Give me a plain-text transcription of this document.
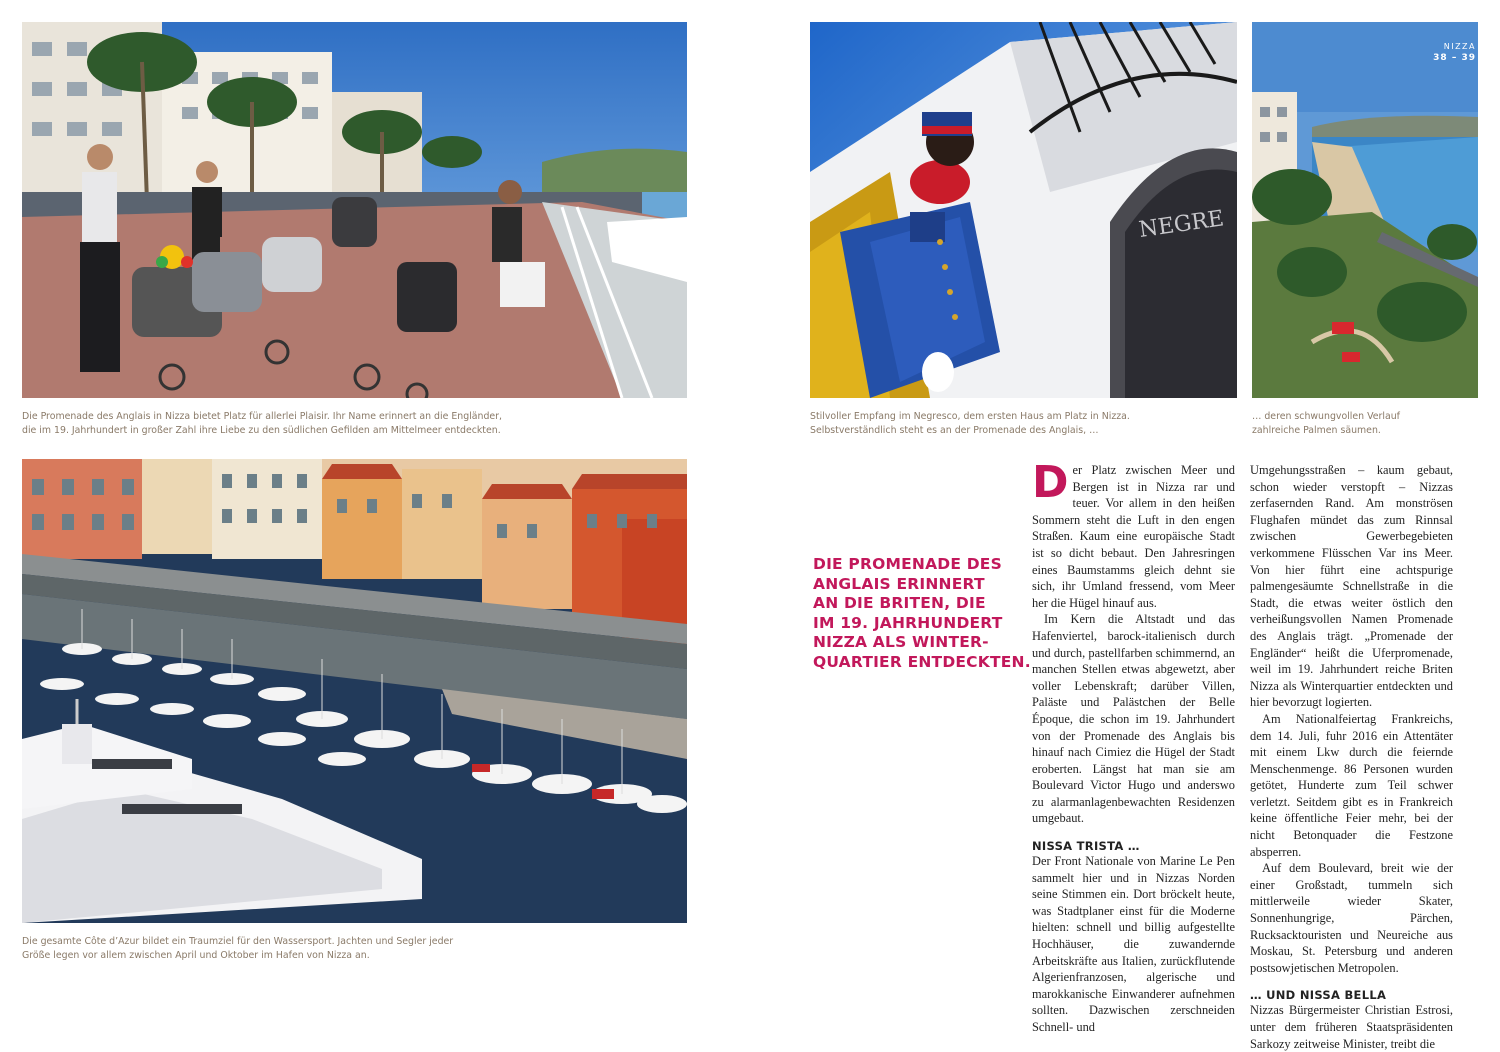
NEGRE
NIZZA
38 – 39

Die Promenade des Anglais in Nizza bietet Platz für allerlei Plaisir. Ihr Name erinnert an die Engländer,
die im 19. Jahrhundert in großer Zahl ihre Liebe zu den südlichen Gefilden am Mittelmeer entdeckten.

Stilvoller Empfang im Negresco, dem ersten Haus am Platz in Nizza.
Selbstverständlich steht es an der Promenade des Anglais, …

… deren schwungvollen Verlauf
zahlreiche Palmen säumen.

Die gesamte Côte d’Azur bildet ein Traumziel für den Wassersport. Jachten und Segler jeder
Größe legen vor allem zwischen April und Oktober im Hafen von Nizza an.

DIE PROMENADE DES
ANGLAIS ERINNERT
AN DIE BRITEN, DIE
IM 19. JAHRHUNDERT
NIZZA ALS WINTER-
QUARTIER ENTDECKTEN.

Der Platz zwischen Meer und Bergen ist in Nizza rar und teuer. Vor allem in den heißen Sommern steht die Luft in den engen Straßen. Kaum eine europäische Stadt ist so dicht bebaut. Den Jahresringen eines Baumstamms gleich dehnt sie sich, ihr Umland fressend, vom Meer her die Hügel hinauf aus.

Im Kern die Altstadt und das Hafenviertel, barock-italienisch durch und durch, pastellfarben schimmernd, an manchen Stellen etwas abgewetzt, aber voller Lebenskraft; darüber Villen, Paläste und Palästchen der Belle Époque, die schon im 19. Jahrhundert von der Promenade des Anglais bis hinauf nach Cimiez die Hügel der Stadt eroberten. Längst hat man sie am Boulevard Victor Hugo und anderswo zu alarmanlagenbewachten Residenzen umgebaut.

NISSA TRISTA …

Der Front Nationale von Marine Le Pen sammelt hier und in Nizzas Norden seine Stimmen ein. Dort bröckelt heute, was Stadtplaner einst für die Moderne hielten: schnell und billig aufgestellte Hochhäuser, die zuwandernde Arbeitskräfte aus Italien, zurückflutende Algerienfranzosen, algerische und marokkanische Einwanderer aufnehmen sollten. Dazwischen zerschneiden Schnell- und

Umgehungsstraßen – kaum gebaut, schon wieder verstopft – Nizzas zerfasernden Rand. Am monströsen Flughafen mündet das zum Rinnsal zwischen Gewerbegebieten verkommene Flüsschen Var ins Meer. Von hier führt eine achtspurige palmengesäumte Schnellstraße in die Stadt, die etwas weiter östlich den verheißungsvollen Namen Promenade des Anglais trägt. „Promenade der Engländer“ heißt die Uferpromenade, weil im 19. Jahrhundert reiche Briten Nizza als Winterquartier entdeckten und hier bevorzugt logierten.

Am Nationalfeiertag Frankreichs, dem 14. Juli, fuhr 2016 ein Attentäter mit einem Lkw durch die feiernde Menschenmenge. 86 Personen wurden getötet, Hunderte zum Teil schwer verletzt. Seitdem gibt es in Frankreich keine öffentliche Feier mehr, bei der nicht Betonquader die Festzone absperren.

Auf dem Boulevard, breit wie der einer Großstadt, tummeln sich mittlerweile wieder Skater, Sonnenhungrige, Pärchen, Rucksacktouristen und Neureiche aus Moskau, St. Petersburg und anderen postsowjetischen Metropolen.

… UND NISSA BELLA

Nizzas Bürgermeister Christian Estrosi, unter dem früheren Staatspräsidenten Sarkozy zeitweise Minister, treibt die
